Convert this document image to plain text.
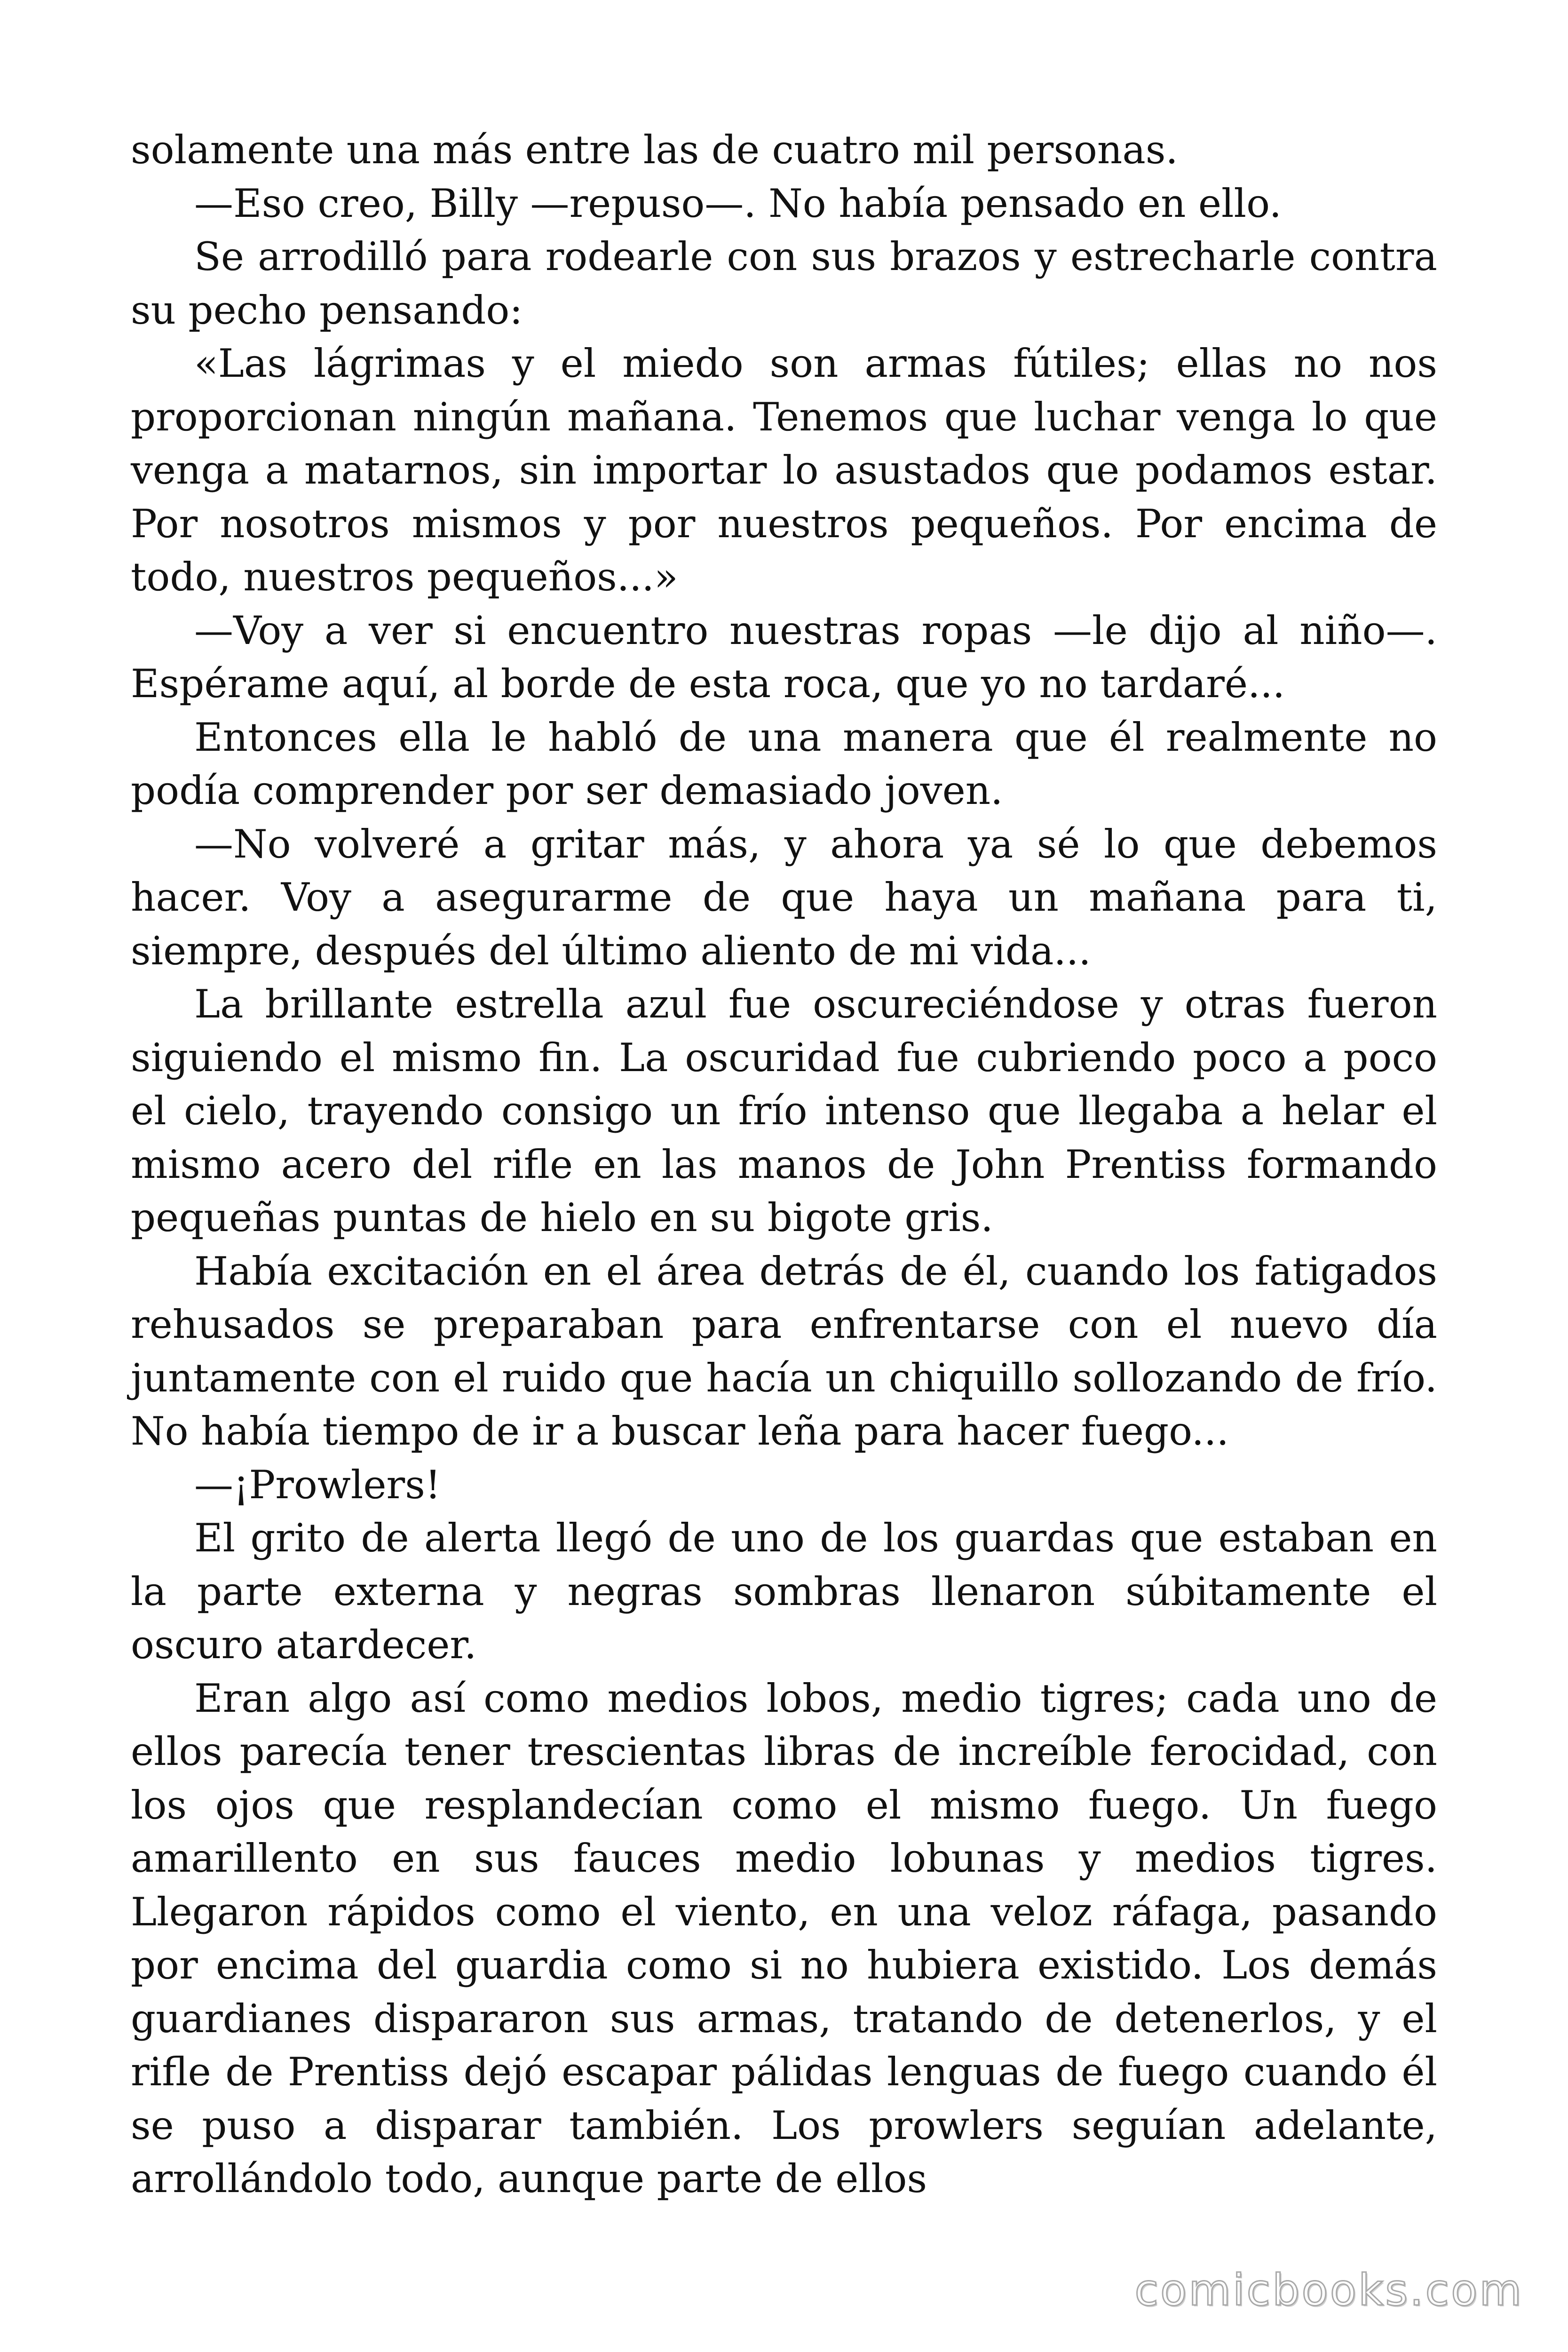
solamente una más entre las de cuatro mil personas.

—Eso creo, Billy —repuso—. No había pensado en ello.

Se arrodilló para rodearle con sus brazos y estrecharle contra su pecho pensando:

«Las lágrimas y el miedo son armas fútiles; ellas no nos proporcionan ningún mañana. Tenemos que luchar venga lo que venga a matarnos, sin importar lo asustados que podamos estar. Por nosotros mismos y por nuestros pequeños. Por encima de todo, nuestros pequeños...»

—Voy a ver si encuentro nuestras ropas —le dijo al niño—. Espérame aquí, al borde de esta roca, que yo no tardaré...

Entonces ella le habló de una manera que él realmente no podía comprender por ser demasiado joven.

—No volveré a gritar más, y ahora ya sé lo que debemos hacer. Voy a asegurarme de que haya un mañana para ti, siempre, después del último aliento de mi vida...

La brillante estrella azul fue oscureciéndose y otras fueron siguiendo el mismo fin. La oscuridad fue cubriendo poco a poco el cielo, trayendo consigo un frío intenso que llegaba a helar el mismo acero del rifle en las manos de John Prentiss formando pequeñas puntas de hielo en su bigote gris.

Había excitación en el área detrás de él, cuando los fatigados rehusados se preparaban para enfrentarse con el nuevo día juntamente con el ruido que hacía un chiquillo sollozando de frío. No había tiempo de ir a buscar leña para hacer fuego...

—¡Prowlers!

El grito de alerta llegó de uno de los guardas que estaban en la parte externa y negras sombras llenaron súbitamente el oscuro atardecer.

Eran algo así como medios lobos, medio tigres; cada uno de ellos parecía tener trescientas libras de increíble ferocidad, con los ojos que resplandecían como el mismo fuego. Un fuego amarillento en sus fauces medio lobunas y medios tigres. Llegaron rápidos como el viento, en una veloz ráfaga, pasando por encima del guardia como si no hubiera existido. Los demás guardianes dispararon sus armas, tratando de detenerlos, y el rifle de Prentiss dejó escapar pálidas lenguas de fuego cuando él se puso a disparar también. Los prowlers seguían adelante, arrollándolo todo, aunque parte de ellos

comicbooks.com
